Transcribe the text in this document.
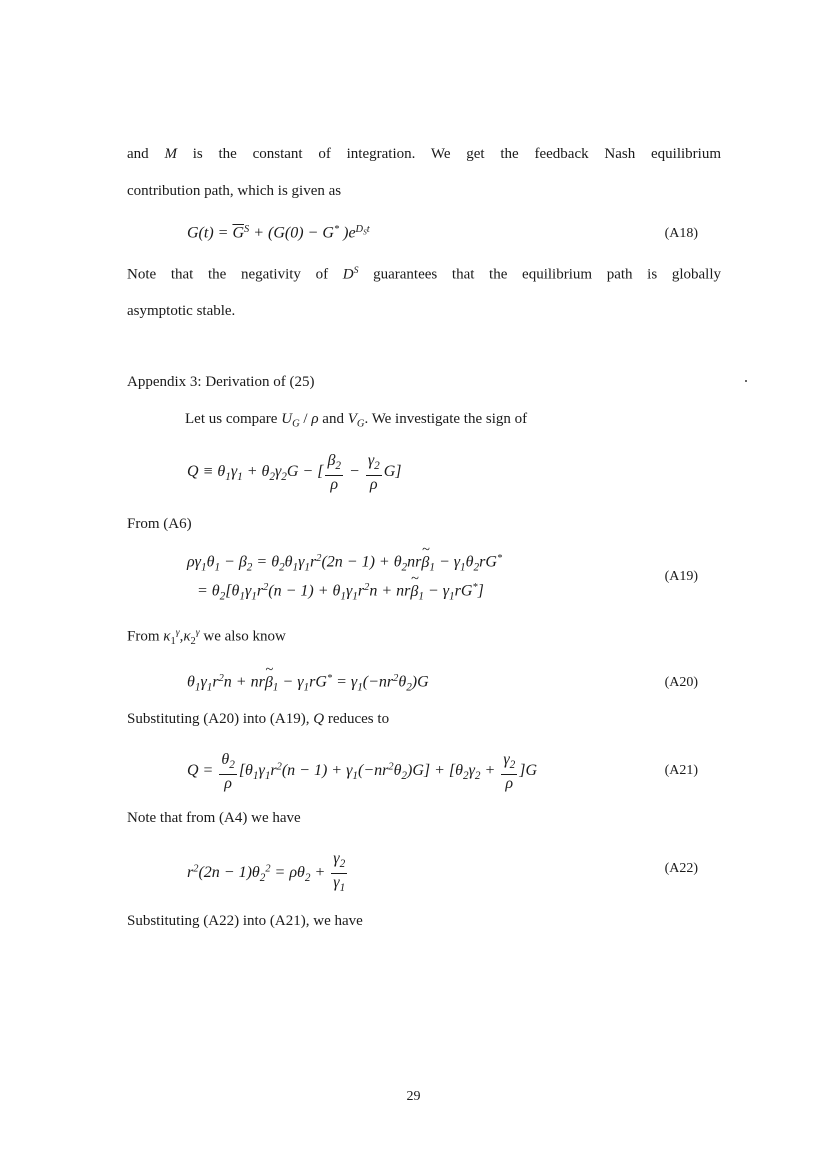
and M is the constant of integration. We get the feedback Nash equilibrium
contribution path, which is given as
$G(t) = \overline{G}^S + (G(0) - G^*$ )$e^{D_St}$	(A18)
Note that the negativity of $D^S$ guarantees that the equilibrium path is globally
asymptotic stable.
Appendix 3: Derivation of (25)
Let us compare $U_G$ / ρ and $V_G$. We investigate the sign of
$Q \equiv \theta_1\gamma_1 + \theta_2\gamma_2G$ − [ $\frac{\beta_2}{\rho} - \frac{\gamma_2}{\rho} G$]
From (A6)
$\rho\gamma_1\theta_1 - \beta_2 = \theta_2\theta_1\gamma_1r^2(2n - 1)$ + $\theta_2nr\sim$ $\beta_1 - \gamma_1\theta_2rG^*$
= $\theta_2[\theta_1\gamma_1r^2(n - 1) + \theta_1\gamma_1r^2n$ + nr~ $\beta_1 - \gamma_1rG^*$]
(A19)
From $\kappa_1^\gamma,\kappa_2^\gamma$ we also know
$\theta_1\gamma_1r^2n$ + nr~ $\beta_1 - \gamma_1rG^* = \gamma_1(-nr^2\theta_2)G$	(A20)
Substituting (A20) into (A19), Q reduces to
$Q = \frac{\theta_2}{\rho} [\theta_1\gamma_1r^2(n - 1) + \gamma_1(-nr^2\theta_2)G] + [\theta_2\gamma_2 + \frac{\gamma_2}{\rho} ]G$	(A21)
Note that from (A4) we have
$r^2(2n - 1)\theta_2^2 = \rho\theta_2 + \frac{\gamma_2}{\gamma_1}$	(A22)
Substituting (A22) into (A21), we have
29
